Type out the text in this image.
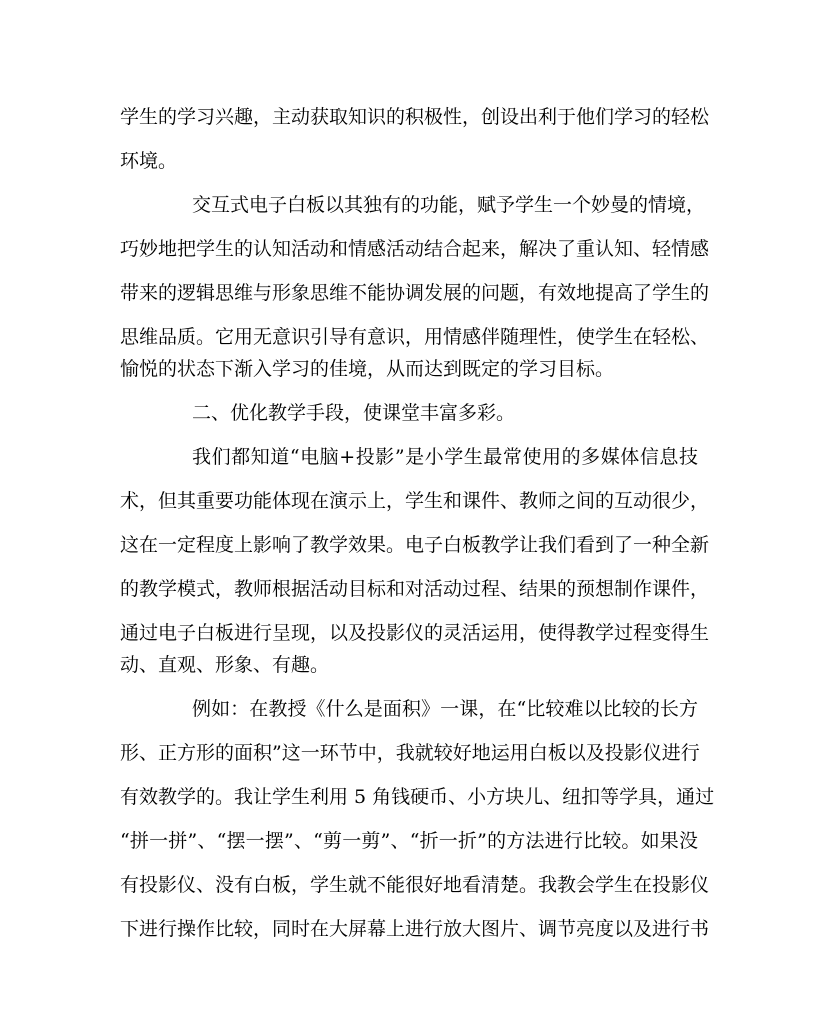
学生的学习兴趣，主动获取知识的积极性，创设出利于他们学习的轻松
环境。
交互式电子白板以其独有的功能，赋予学生一个妙曼的情境，
巧妙地把学生的认知活动和情感活动结合起来，解决了重认知、轻情感
带来的逻辑思维与形象思维不能协调发展的问题，有效地提高了学生的
思维品质。它用无意识引导有意识，用情感伴随理性，使学生在轻松、
愉悦的状态下渐入学习的佳境，从而达到既定的学习目标。
二、优化教学手段，使课堂丰富多彩。
我们都知道“电脑+投影”是小学生最常使用的多媒体信息技
术，但其重要功能体现在演示上，学生和课件、教师之间的互动很少，
这在一定程度上影响了教学效果。电子白板教学让我们看到了一种全新
的教学模式，教师根据活动目标和对活动过程、结果的预想制作课件，
通过电子白板进行呈现，以及投影仪的灵活运用，使得教学过程变得生
动、直观、形象、有趣。
例如：在教授《什么是面积》一课，在“比较难以比较的长方
形、正方形的面积”这一环节中，我就较好地运用白板以及投影仪进行
有效教学的。我让学生利用 5 角钱硬币、小方块儿、纽扣等学具，通过
“拼一拼”、“摆一摆”、“剪一剪”、“折一折”的方法进行比较。如果没
有投影仪、没有白板，学生就不能很好地看清楚。我教会学生在投影仪
下进行操作比较，同时在大屏幕上进行放大图片、调节亮度以及进行书
